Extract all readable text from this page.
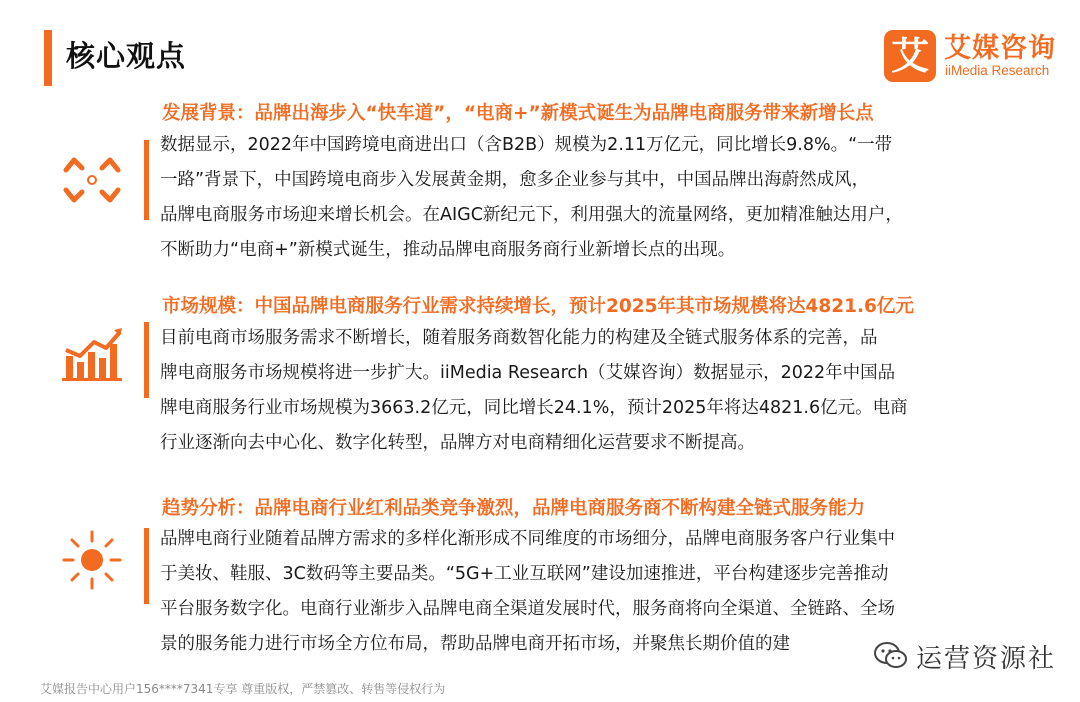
核心观点	艾 艾媒咨询
iiMedia Research
发展背景：品牌出海步入“快车道”，“电商+”新模式诞生为品牌电商服务带来新增长点
数据显示，2022年中国跨境电商进出口（含B2B）规模为2.11万亿元，同比增长9.8%。“一带
一路”背景下，中国跨境电商步入发展黄金期，愈多企业参与其中，中国品牌出海蔚然成风，
品牌电商服务市场迎来增长机会。在AIGC新纪元下，利用强大的流量网络，更加精准触达用户，
不断助力“电商+”新模式诞生，推动品牌电商服务商行业新增长点的出现。
市场规模：中国品牌电商服务行业需求持续增长，预计2025年其市场规模将达4821.6亿元
目前电商市场服务需求不断增长，随着服务商数智化能力的构建及全链式服务体系的完善，品
牌电商服务市场规模将进一步扩大。iiMedia Research（艾媒咨询）数据显示，2022年中国品
牌电商服务行业市场规模为3663.2亿元，同比增长24.1%，预计2025年将达4821.6亿元。电商
行业逐渐向去中心化、数字化转型，品牌方对电商精细化运营要求不断提高。
趋势分析：品牌电商行业红利品类竞争激烈，品牌电商服务商不断构建全链式服务能力
品牌电商行业随着品牌方需求的多样化渐形成不同维度的市场细分，品牌电商服务客户行业集中
于美妆、鞋服、3C数码等主要品类。“5G+工业互联网”建设加速推进，平台构建逐步完善推动
平台服务数字化。电商行业渐步入品牌电商全渠道发展时代，服务商将向全渠道、全链路、全场
景的服务能力进行市场全方位布局，帮助品牌电商开拓市场，并聚焦长期价值的建
艾媒报告中心用户156****7341专享 尊重版权，严禁篡改、转售等侵权行为
运营资源社
